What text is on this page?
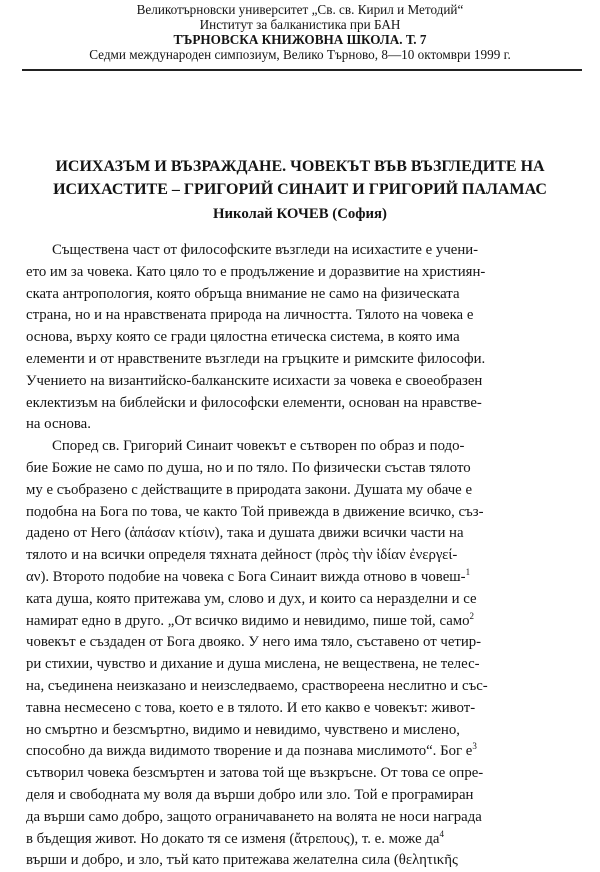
Великотърновски университет „Св. св. Кирил и Методий“
Институт за балканистика при БАН
ТЪРНОВСКА КНИЖОВНА ШКОЛА. Т. 7
Седми международен симпозиум, Велико Търново, 8—10 октомври 1999 г.
ИСИХАЗЪМ И ВЪЗРАЖДАНЕ. ЧОВЕКЪТ ВЪВ ВЪЗГЛЕДИТЕ НА
ИСИХАСТИТЕ – ГРИГОРИЙ СИНАИТ И ГРИГОРИЙ ПАЛАМАС
Николай КОЧЕВ (София)
Съществена част от философските възгледи на исихастите е учени-
ето им за човека. Като цяло то е продължение и доразвитие на християн-
ската антропология, която обръща внимание не само на физическата
страна, но и на нравствената природа на личността. Тялото на човека е
основа, върху която се гради цялостна етическа система, в която има
елементи и от нравствените възгледи на гръцките и римските философи.
Учението на византийско-балканските исихасти за човека е своеобразен
еклектизъм на библейски и философски елементи, основан на нравстве-
на основа.
Според св. Григорий Синаит човекът е сътворен по образ и подо-
бие Божие не само по душа, но и по тяло. По физически състав тялото
му е съобразено с действащите в природата закони. Душата му обаче е
подобна на Бога по това, че както Той привежда в движение всичко, съз-
дадено от Него (ἁπάσαν κτίσιν), така и душата движи всички части на
тялото и на всички определя тяхната дейност (πρὸς τὴν ἰδίαν ἐνεργεί-
αν). Второто подобие на човека с Бога Синаит вижда отново в човеш-$^1$
ката душа, която притежава ум, слово и дух, и които са неразделни и се
намират едно в друго. „От всичко видимо и невидимо, пише той, само$^2$
човекът е създаден от Бога двояко. У него има тяло, съставено от четир-
ри стихии, чувство и дихание и душа мислена, не веществена, не телес-
на, съединена неизказано и неизследваемо, сраствореена неслитно и със-
тавна несмесено с това, което е в тялото. И ето какво е човекът: живот-
но смъртно и безсмъртно, видимо и невидимо, чувствено и мислено,
способно да вижда видимото творение и да познава мислимото“. Бог е$^3$
сътворил човека безсмъртен и затова той ще възкръсне. От това се опре-
деля и свободната му воля да върши добро или зло. Той е програмиран
да върши само добро, защото ограничаването на волята не носи награда
в бъдещия живот. Но докато тя се изменя (ἄτρεπους), т. е. може да$^4$
върши и добро, и зло, тъй като притежава желателна сила (θελητικῆς
